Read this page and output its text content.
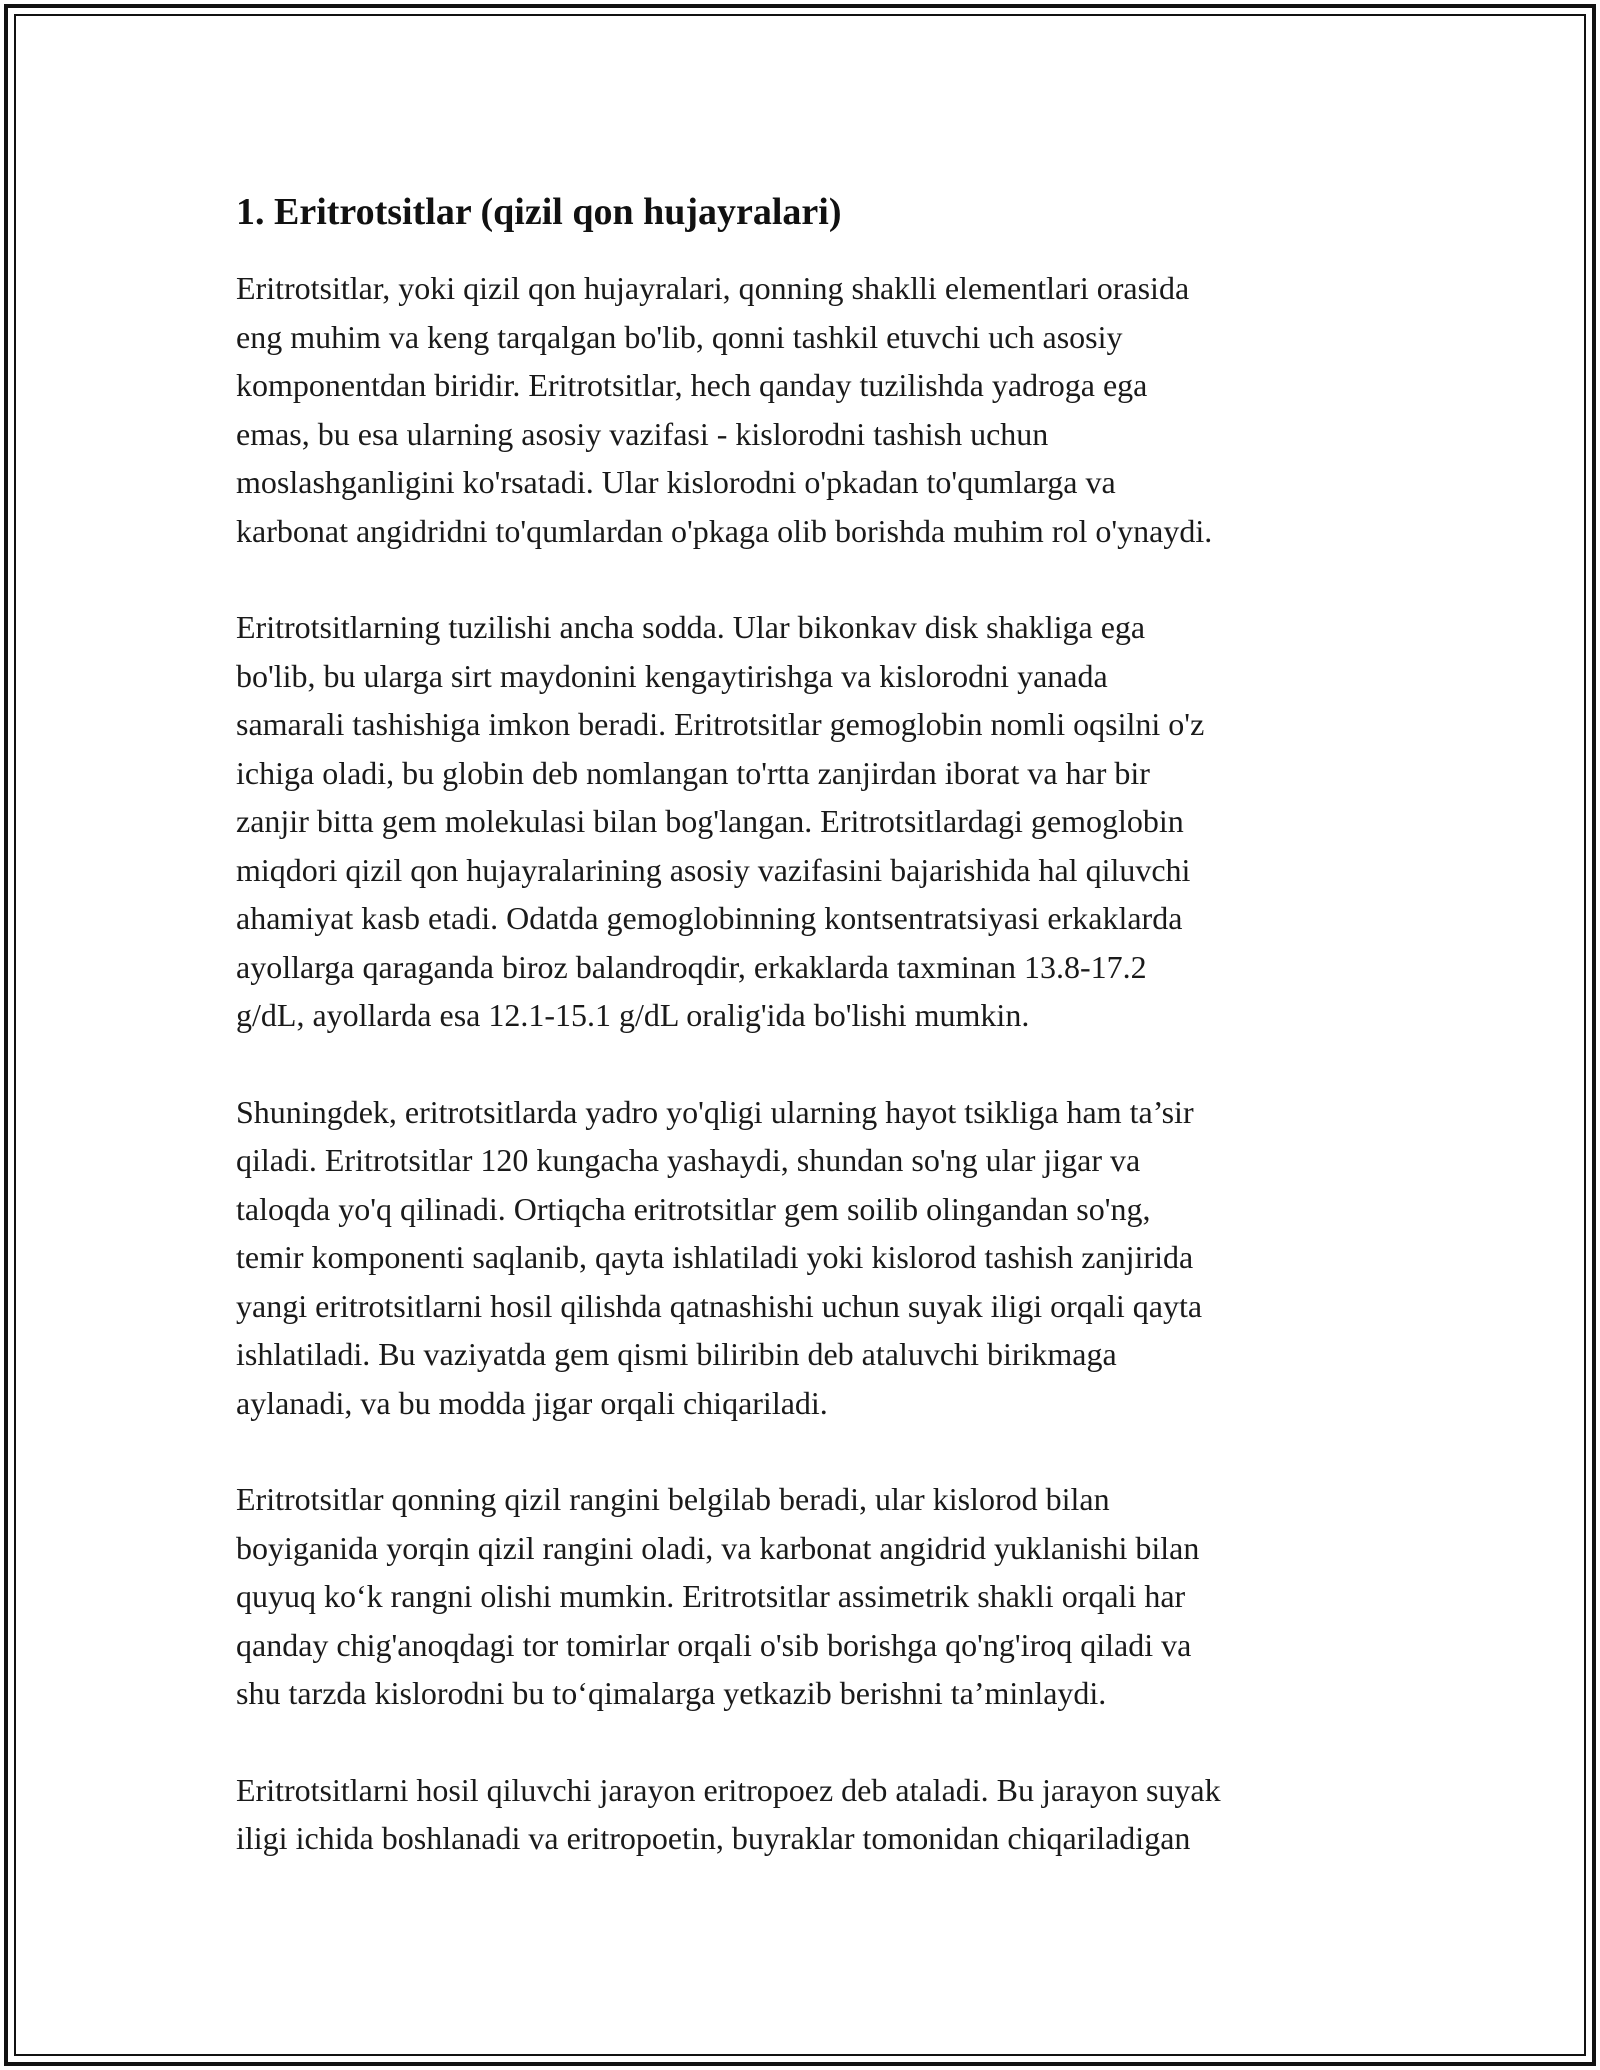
1. Eritrotsitlar (qizil qon hujayralari)

Eritrotsitlar, yoki qizil qon hujayralari, qonning shaklli elementlari orasida
eng muhim va keng tarqalgan bo'lib, qonni tashkil etuvchi uch asosiy
komponentdan biridir. Eritrotsitlar, hech qanday tuzilishda yadroga ega
emas, bu esa ularning asosiy vazifasi - kislorodni tashish uchun
moslashganligini ko'rsatadi. Ular kislorodni o'pkadan to'qumlarga va
karbonat angidridni to'qumlardan o'pkaga olib borishda muhim rol o'ynaydi.

Eritrotsitlarning tuzilishi ancha sodda. Ular bikonkav disk shakliga ega
bo'lib, bu ularga sirt maydonini kengaytirishga va kislorodni yanada
samarali tashishiga imkon beradi. Eritrotsitlar gemoglobin nomli oqsilni o'z
ichiga oladi, bu globin deb nomlangan to'rtta zanjirdan iborat va har bir
zanjir bitta gem molekulasi bilan bog'langan. Eritrotsitlardagi gemoglobin
miqdori qizil qon hujayralarining asosiy vazifasini bajarishida hal qiluvchi
ahamiyat kasb etadi. Odatda gemoglobinning kontsentratsiyasi erkaklarda
ayollarga qaraganda biroz balandroqdir, erkaklarda taxminan 13.8-17.2
g/dL, ayollarda esa 12.1-15.1 g/dL oralig'ida bo'lishi mumkin.

Shuningdek, eritrotsitlarda yadro yo'qligi ularning hayot tsikliga ham ta’sir
qiladi. Eritrotsitlar 120 kungacha yashaydi, shundan so'ng ular jigar va
taloqda yo'q qilinadi. Ortiqcha eritrotsitlar gem soilib olingandan so'ng,
temir komponenti saqlanib, qayta ishlatiladi yoki kislorod tashish zanjirida
yangi eritrotsitlarni hosil qilishda qatnashishi uchun suyak iligi orqali qayta
ishlatiladi. Bu vaziyatda gem qismi biliribin deb ataluvchi birikmaga
aylanadi, va bu modda jigar orqali chiqariladi.

Eritrotsitlar qonning qizil rangini belgilab beradi, ular kislorod bilan
boyiganida yorqin qizil rangini oladi, va karbonat angidrid yuklanishi bilan
quyuq ko‘k rangni olishi mumkin. Eritrotsitlar assimetrik shakli orqali har
qanday chig'anoqdagi tor tomirlar orqali o'sib borishga qo'ng'iroq qiladi va
shu tarzda kislorodni bu to‘qimalarga yetkazib berishni ta’minlaydi.

Eritrotsitlarni hosil qiluvchi jarayon eritropoez deb ataladi. Bu jarayon suyak
iligi ichida boshlanadi va eritropoetin, buyraklar tomonidan chiqariladigan
